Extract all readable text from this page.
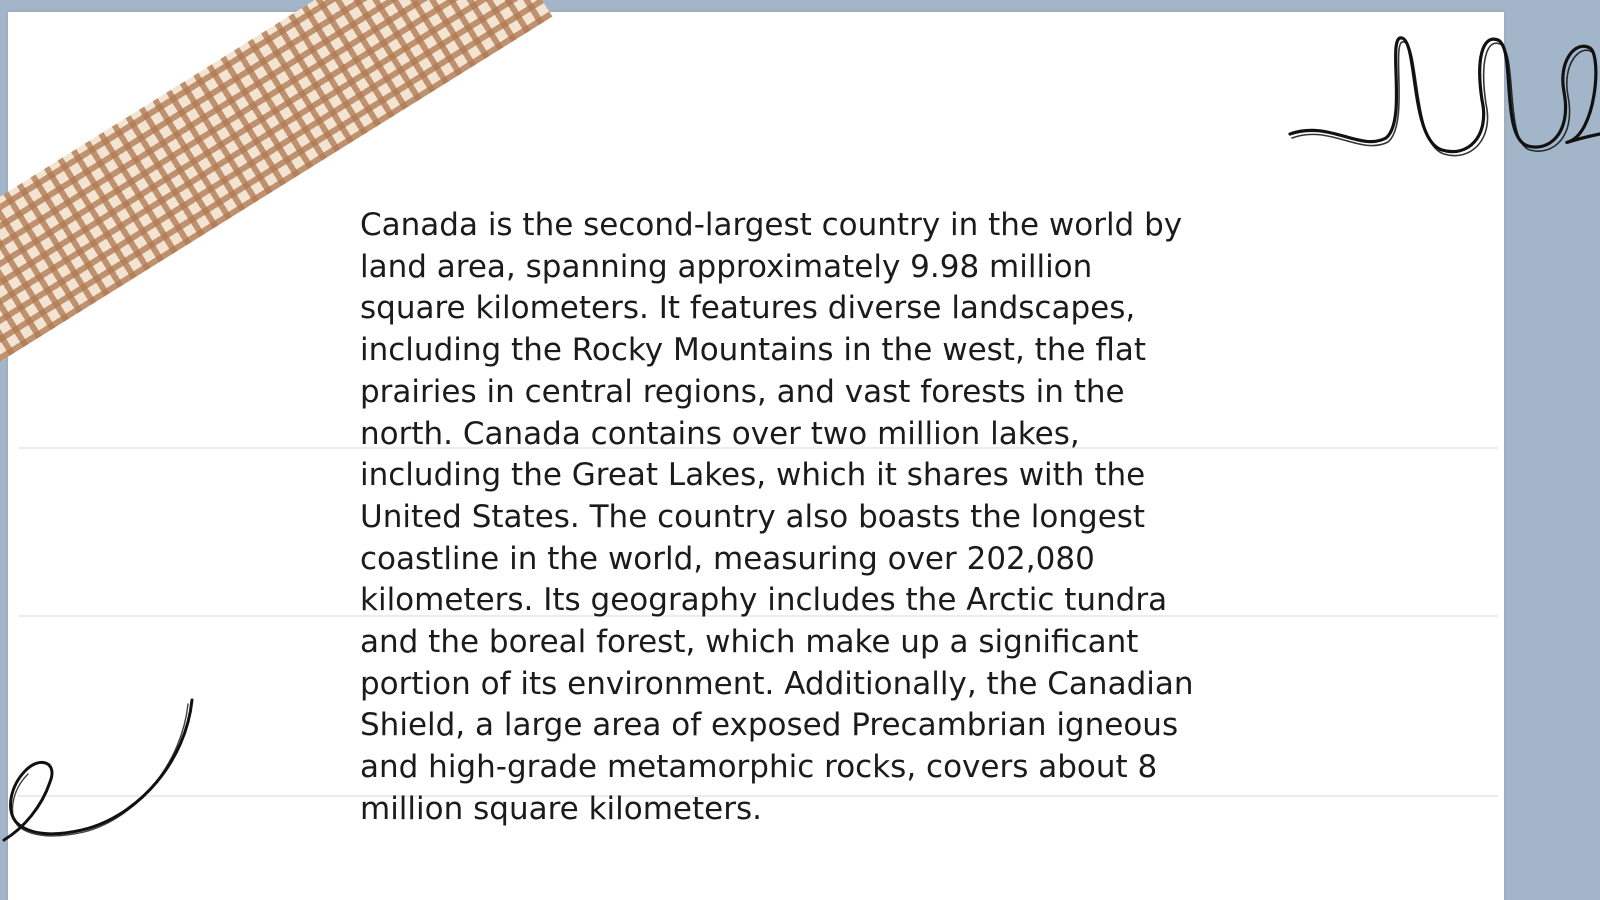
Canada is the second-largest country in the world by
land area, spanning approximately 9.98 million
square kilometers. It features diverse landscapes,
including the Rocky Mountains in the west, the flat
prairies in central regions, and vast forests in the
north. Canada contains over two million lakes,
including the Great Lakes, which it shares with the
United States. The country also boasts the longest
coastline in the world, measuring over 202,080
kilometers. Its geography includes the Arctic tundra
and the boreal forest, which make up a significant
portion of its environment. Additionally, the Canadian
Shield, a large area of exposed Precambrian igneous
and high-grade metamorphic rocks, covers about 8
million square kilometers.
